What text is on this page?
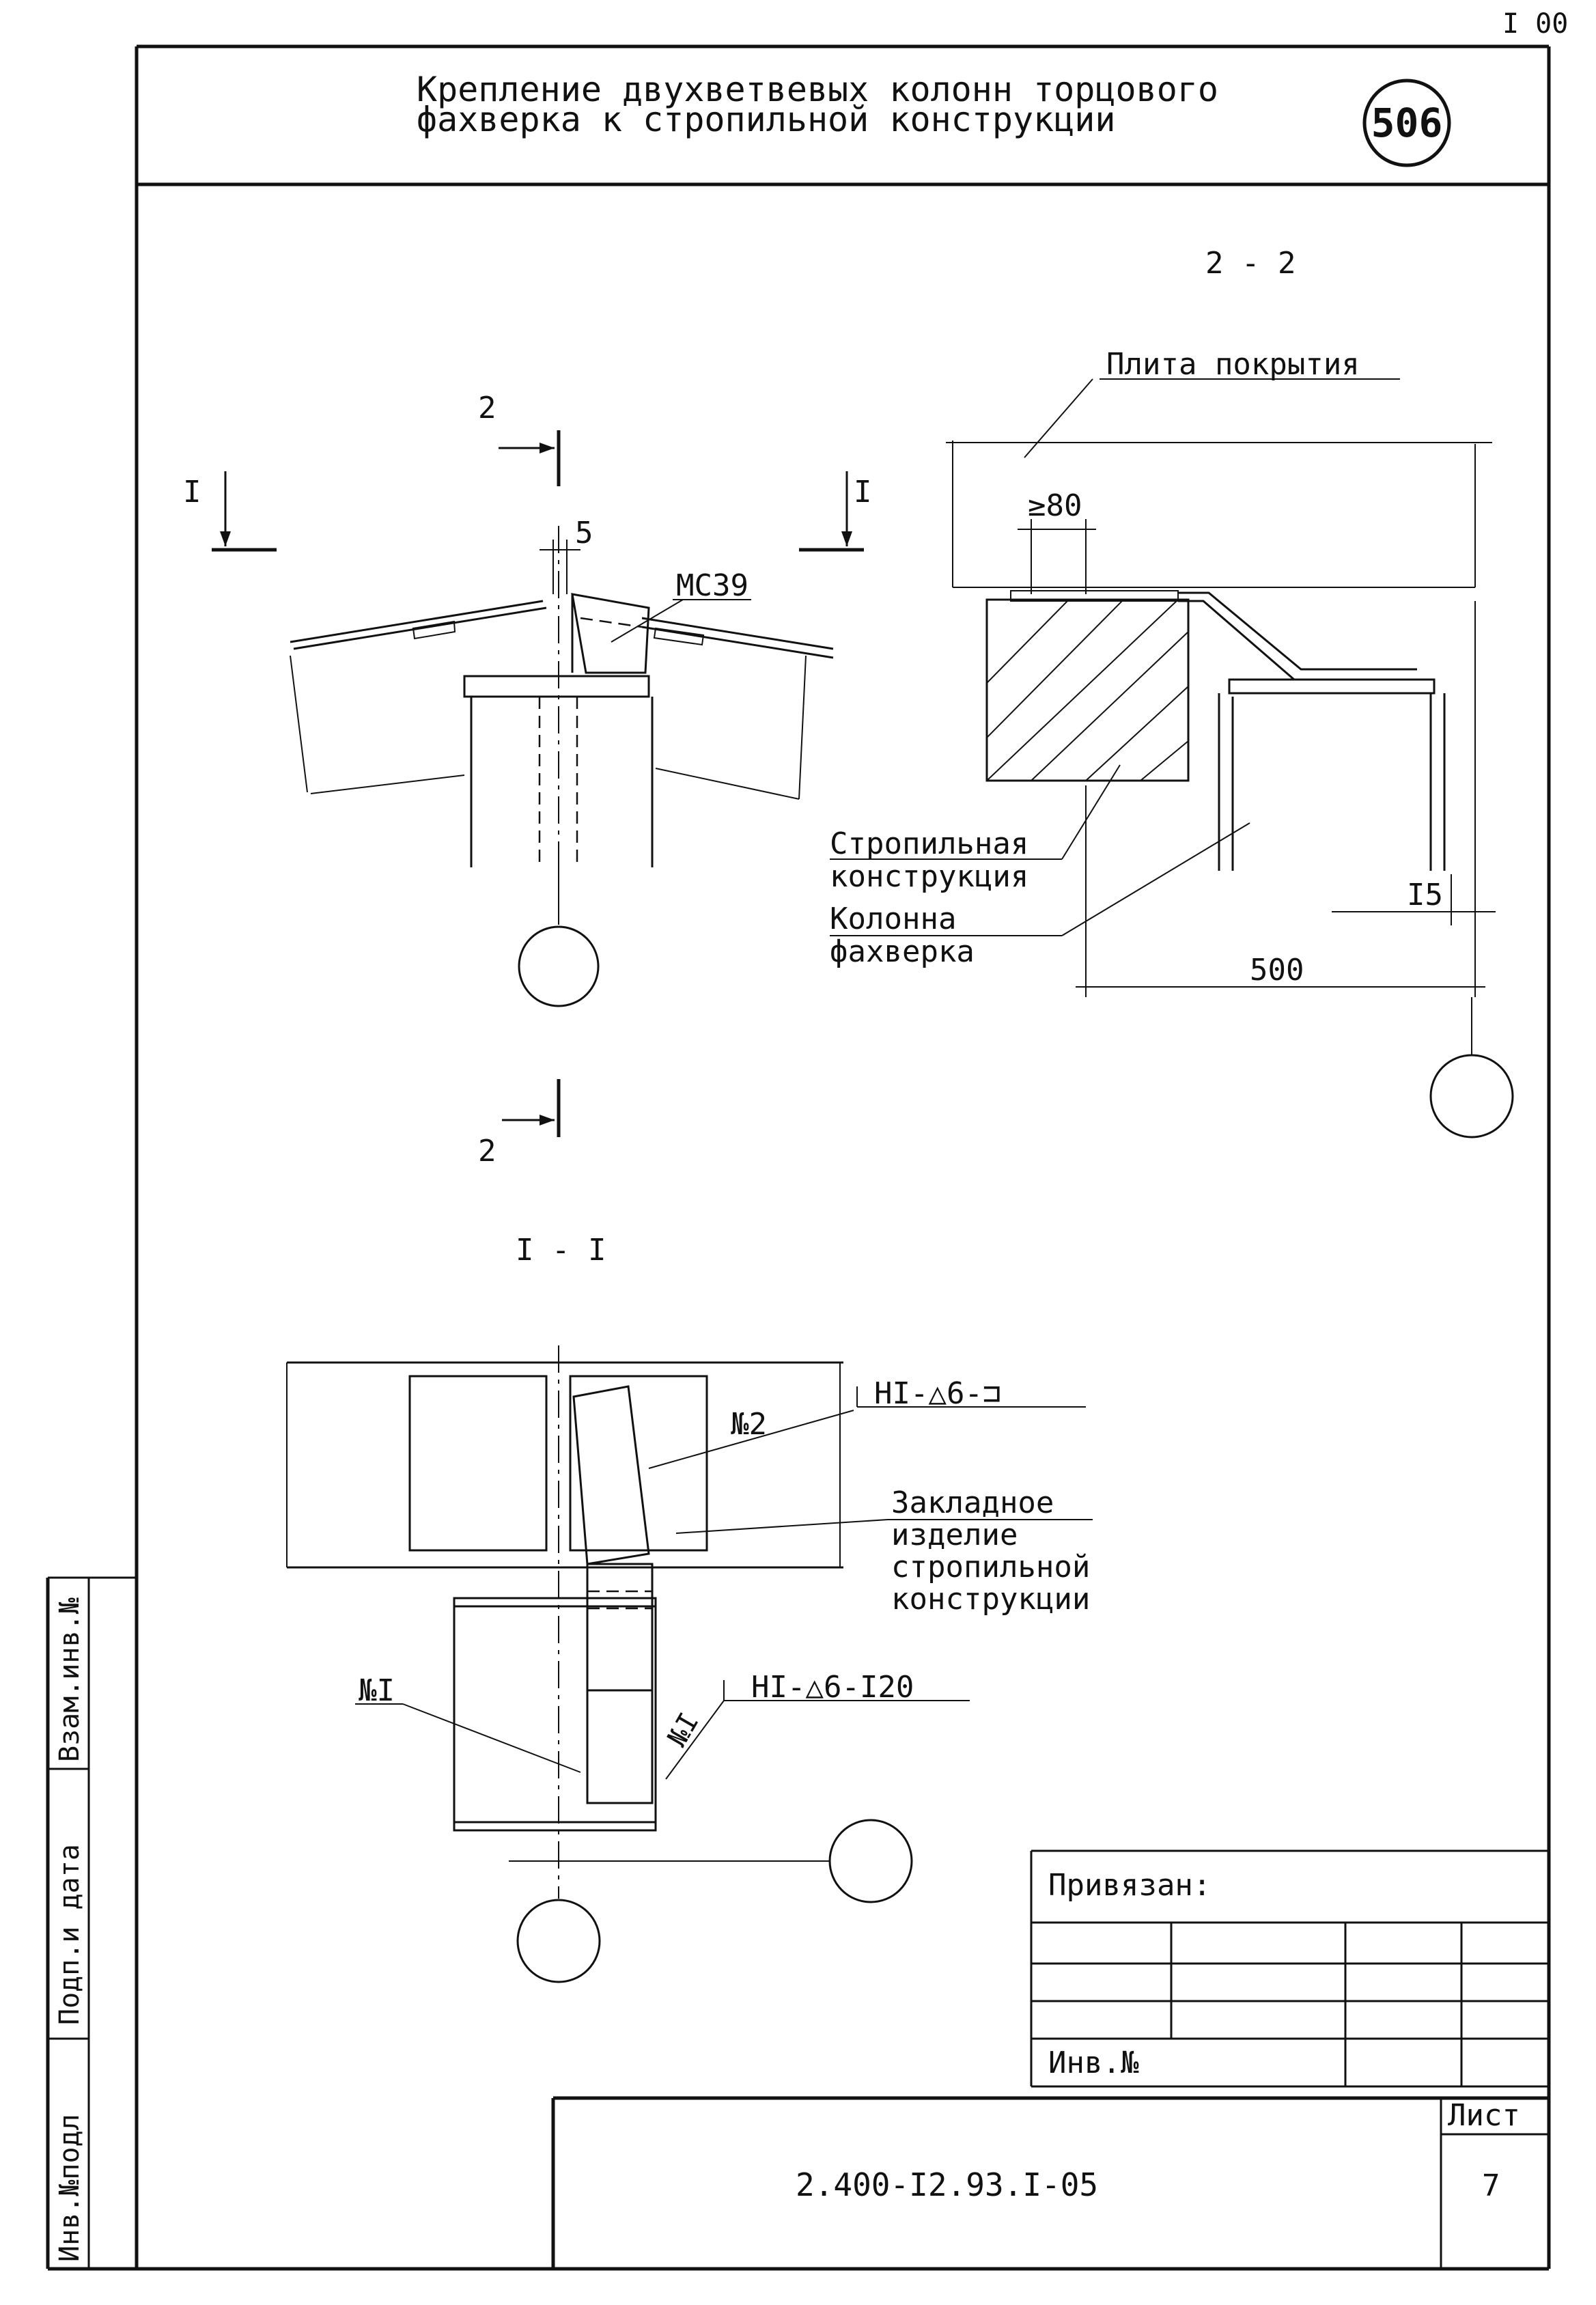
I 00
Крепление двухветвевых колонн торцового
фахверка к стропильной конструкции	506
2
2
I	I
МС39
5
2 - 2
Плита покрытия
≥80
Стропильная
конструкция
Колонна
фахверка
I5
500
I - I
№2
HI-△6-⊐
Закладное
изделие
стропильной
конструкции
№I	HI-△6-I20
№I
Взам.инв.№
Подп.и дата
Инв.№подл
Привязан:
Инв.№
2.400-I2.93.I-05
Лист
7
